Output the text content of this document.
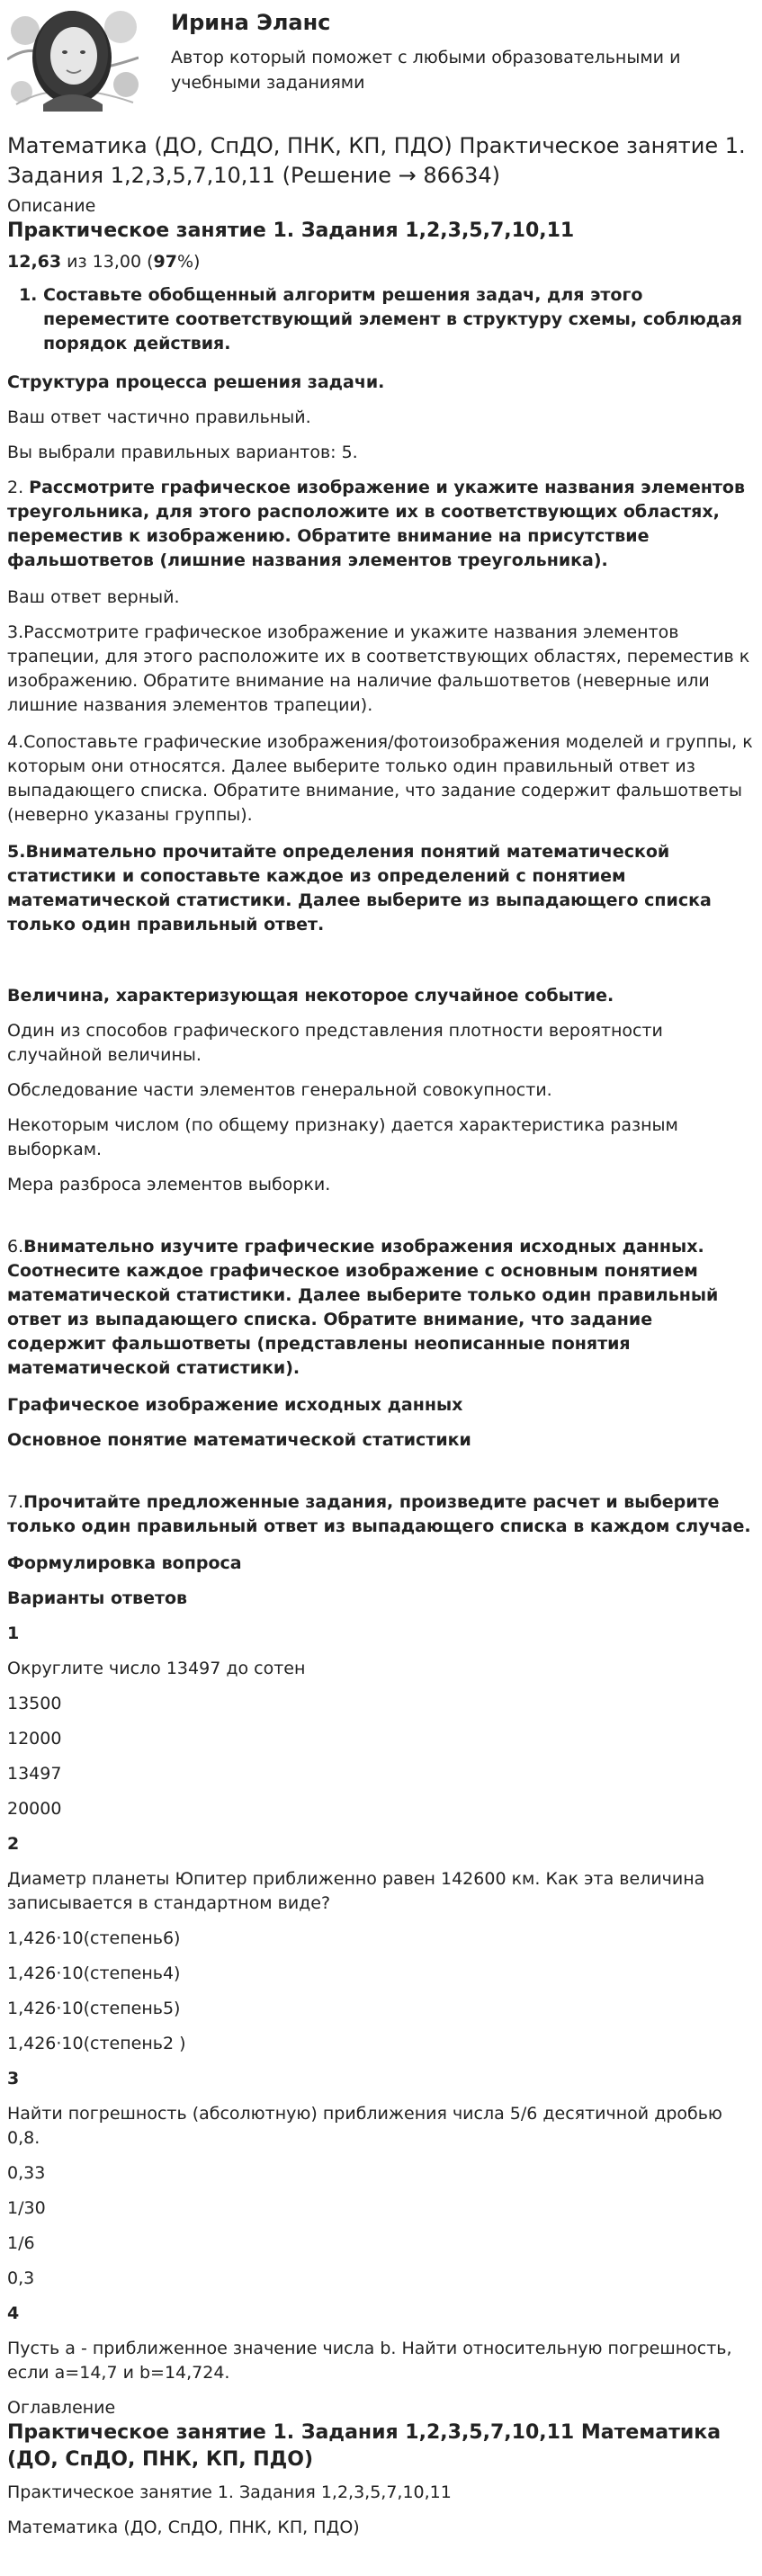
Ирина Эланс
Автор который поможет с любыми образовательными и учебными заданиями
Математика (ДО, СпДО, ПНК, КП, ПДО) Практическое занятие 1. Задания 1,2,3,5,7,10,11 (Решение → 86634)
Описание
Практическое занятие 1. Задания 1,2,3,5,7,10,11
12,63 из 13,00 (97%)
1. Составьте обобщенный алгоритм решения задач, для этого переместите соответствующий элемент в структуру схемы, соблюдая порядок действия.

Структура процесса решения задачи.

Ваш ответ частично правильный.

Вы выбрали правильных вариантов: 5.

2. Рассмотрите графическое изображение и укажите названия элементов треугольника, для этого расположите их в соответствующих областях, переместив к изображению. Обратите внимание на присутствие фальшответов (лишние названия элементов треугольника).

Ваш ответ верный.

3.Рассмотрите графическое изображение и укажите названия элементов трапеции, для этого расположите их в соответствующих областях, переместив к изображению. Обратите внимание на наличие фальшответов (неверные или лишние названия элементов трапеции).

4.Сопоставьте графические изображения/фотоизображения моделей и группы, к которым они относятся. Далее выберите только один правильный ответ из выпадающего списка. Обратите внимание, что задание содержит фальшответы (неверно указаны группы).

5.Внимательно прочитайте определения понятий математической статистики и сопоставьте каждое из определений с понятием математической статистики. Далее выберите из выпадающего списка только один правильный ответ.

Величина, характеризующая некоторое случайное событие.

Один из способов графического представления плотности вероятности случайной величины.

Обследование части элементов генеральной совокупности.

Некоторым числом (по общему признаку) дается характеристика разным выборкам.

Мера разброса элементов выборки.

6.Внимательно изучите графические изображения исходных данных. Соотнесите каждое графическое изображение с основным понятием математической статистики. Далее выберите только один правильный ответ из выпадающего списка. Обратите внимание, что задание содержит фальшответы (представлены неописанные понятия математической статистики).

Графическое изображение исходных данных

Основное понятие математической статистики

7.Прочитайте предложенные задания, произведите расчет и выберите только один правильный ответ из выпадающего списка в каждом случае.

Формулировка вопроса

Варианты ответов

1

Округлите число 13497 до сотен

13500

12000

13497

20000

2

Диаметр планеты Юпитер приближенно равен 142600 км. Как эта величина записывается в стандартном виде?

1,426·10(степень6)

1,426·10(степень4)

1,426·10(степень5)

1,426·10(степень2 )

3

Найти погрешность (абсолютную) приближения числа 5/6 десятичной дробью 0,8.

0,33

1/30

1/6

0,3

4

Пусть a - приближенное значение числа b. Найти относительную погрешность, если a=14,7 и b=14,724.

Оглавление
Практическое занятие 1. Задания 1,2,3,5,7,10,11 Математика (ДО, СпДО, ПНК, КП, ПДО)

Практическое занятие 1. Задания 1,2,3,5,7,10,11

Математика (ДО, СпДО, ПНК, КП, ПДО)
